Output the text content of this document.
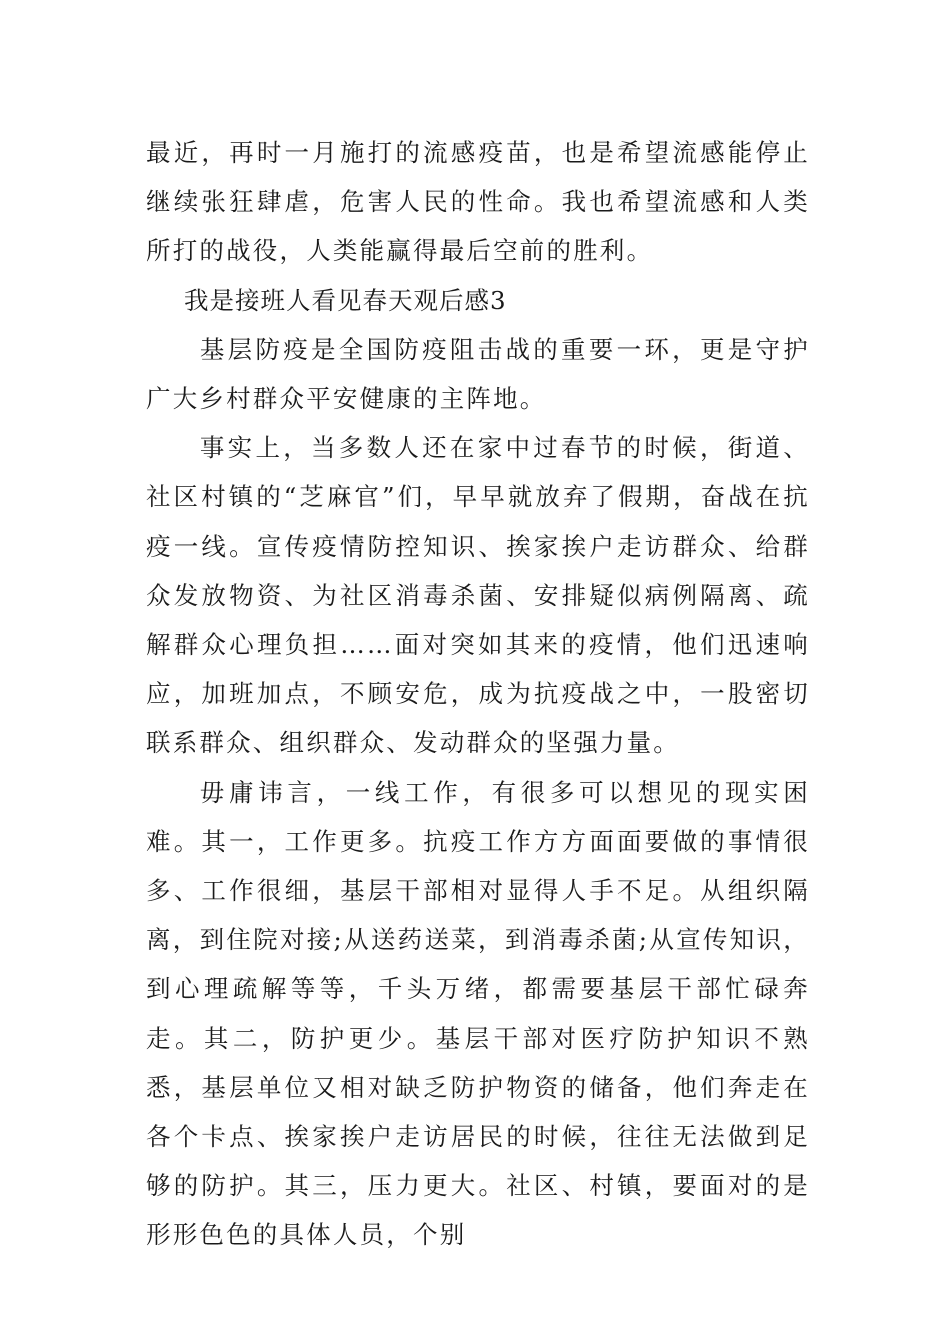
最近，再时一月施打的流感疫苗，也是希望流感能停止继续张狂肆虐，危害人民的性命。我也希望流感和人类所打的战役，人类能赢得最后空前的胜利。

我是接班人看见春天观后感3

基层防疫是全国防疫阻击战的重要一环，更是守护广大乡村群众平安健康的主阵地。

事实上，当多数人还在家中过春节的时候，街道、社区村镇的“芝麻官”们，早早就放弃了假期，奋战在抗疫一线。宣传疫情防控知识、挨家挨户走访群众、给群众发放物资、为社区消毒杀菌、安排疑似病例隔离、疏解群众心理负担……面对突如其来的疫情，他们迅速响应，加班加点，不顾安危，成为抗疫战之中，一股密切联系群众、组织群众、发动群众的坚强力量。

毋庸讳言，一线工作，有很多可以想见的现实困难。其一，工作更多。抗疫工作方方面面要做的事情很多、工作很细，基层干部相对显得人手不足。从组织隔离，到住院对接;从送药送菜，到消毒杀菌;从宣传知识，到心理疏解等等，千头万绪，都需要基层干部忙碌奔走。其二，防护更少。基层干部对医疗防护知识不熟悉，基层单位又相对缺乏防护物资的储备，他们奔走在各个卡点、挨家挨户走访居民的时候，往往无法做到足够的防护。其三，压力更大。社区、村镇，要面对的是形形色色的具体人员，个别
